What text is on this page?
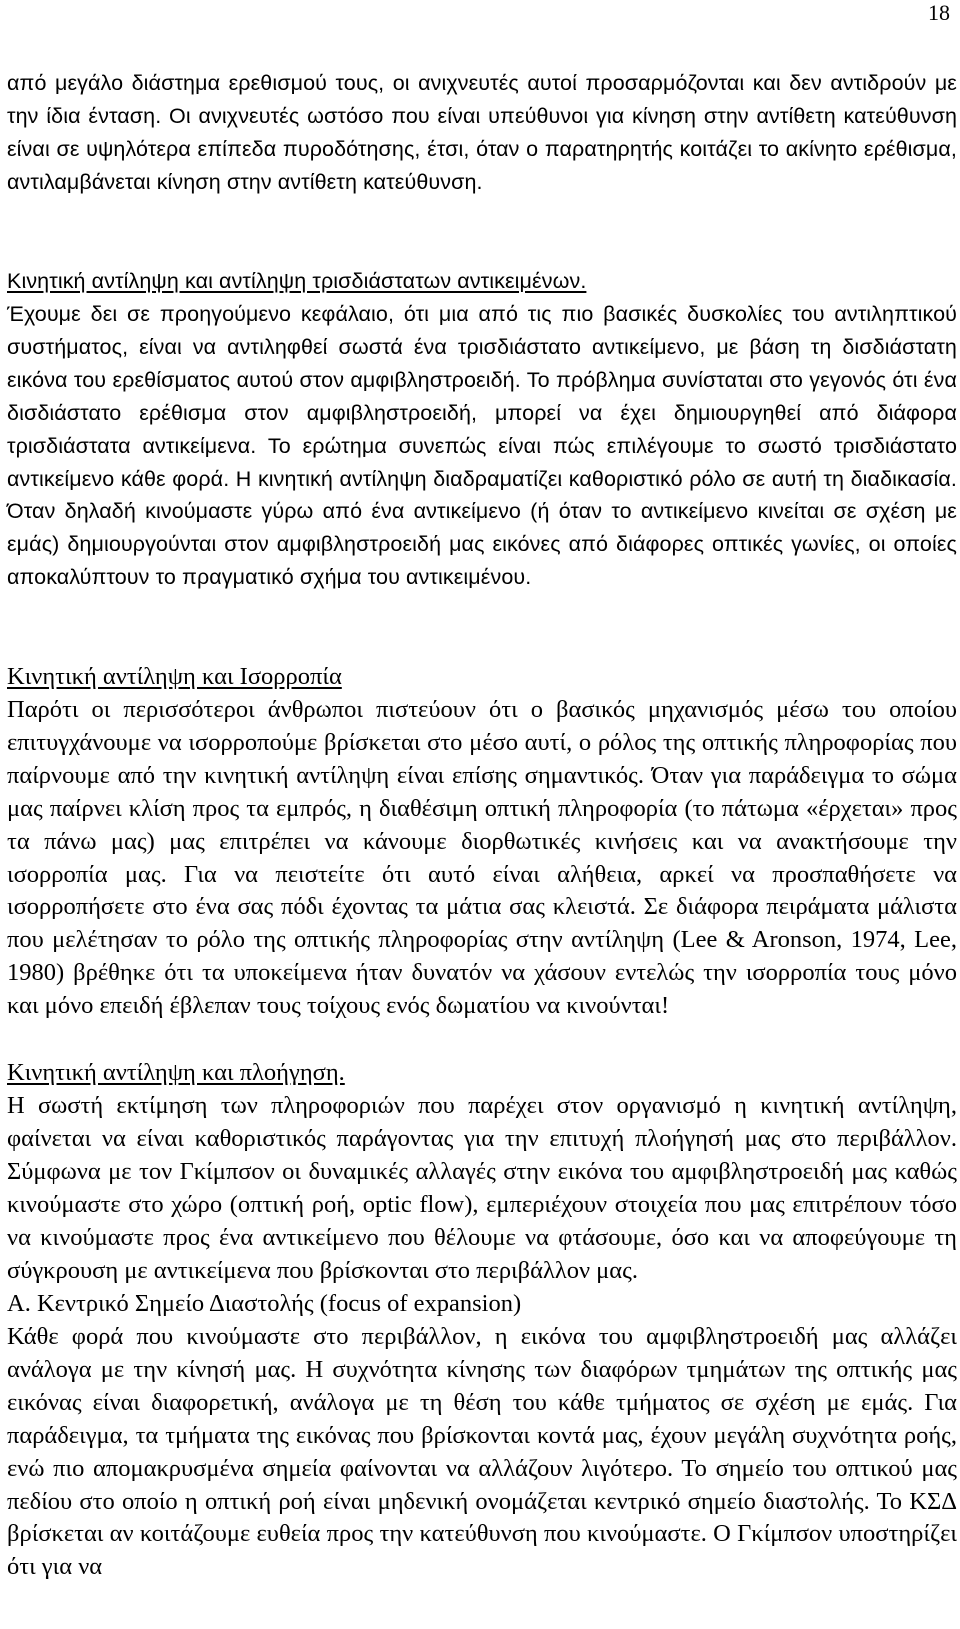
18

από μεγάλο διάστημα ερεθισμού τους, οι ανιχνευτές αυτοί προσαρμόζονται και δεν αντιδρούν με την ίδια ένταση. Οι ανιχνευτές ωστόσο που είναι υπεύθυνοι για κίνηση στην αντίθετη κατεύθυνση είναι σε υψηλότερα επίπεδα πυροδότησης, έτσι, όταν ο παρατηρητής κοιτάζει το ακίνητο ερέθισμα, αντιλαμβάνεται κίνηση στην αντίθετη κατεύθυνση.

Κινητική αντίληψη και αντίληψη τρισδιάστατων αντικειμένων.

Έχουμε δει σε προηγούμενο κεφάλαιο, ότι μια από τις πιο βασικές δυσκολίες του αντιληπτικού συστήματος, είναι να αντιληφθεί σωστά ένα τρισδιάστατο αντικείμενο, με βάση τη δισδιάστατη εικόνα του ερεθίσματος αυτού στον αμφιβληστροειδή. Το πρόβλημα συνίσταται στο γεγονός ότι ένα δισδιάστατο ερέθισμα στον αμφιβληστροειδή, μπορεί να έχει δημιουργηθεί από διάφορα τρισδιάστατα αντικείμενα. Το ερώτημα συνεπώς είναι πώς επιλέγουμε το σωστό τρισδιάστατο αντικείμενο κάθε φορά. Η κινητική αντίληψη διαδραματίζει καθοριστικό ρόλο σε αυτή τη διαδικασία. Όταν δηλαδή κινούμαστε γύρω από ένα αντικείμενο (ή όταν το αντικείμενο κινείται σε σχέση με εμάς) δημιουργούνται στον αμφιβληστροειδή μας εικόνες από διάφορες οπτικές γωνίες, οι οποίες αποκαλύπτουν το πραγματικό σχήμα του αντικειμένου.

Κινητική αντίληψη και Ισορροπία

Παρότι οι περισσότεροι άνθρωποι πιστεύουν ότι ο βασικός μηχανισμός μέσω του οποίου επιτυγχάνουμε να ισορροπούμε βρίσκεται στο μέσο αυτί, ο ρόλος της οπτικής πληροφορίας που παίρνουμε από την κινητική αντίληψη είναι επίσης σημαντικός. Όταν για παράδειγμα το σώμα μας παίρνει κλίση προς τα εμπρός, η διαθέσιμη οπτική πληροφορία (το πάτωμα «έρχεται» προς τα πάνω μας) μας επιτρέπει να κάνουμε διορθωτικές κινήσεις και να ανακτήσουμε την ισορροπία μας. Για να πειστείτε ότι αυτό είναι αλήθεια, αρκεί να προσπαθήσετε να ισορροπήσετε στο ένα σας πόδι έχοντας τα μάτια σας κλειστά. Σε διάφορα πειράματα μάλιστα που μελέτησαν το ρόλο της οπτικής πληροφορίας στην αντίληψη (Lee & Aronson, 1974, Lee, 1980) βρέθηκε ότι τα υποκείμενα ήταν δυνατόν να χάσουν εντελώς την ισορροπία τους μόνο και μόνο επειδή έβλεπαν τους τοίχους ενός δωματίου να κινούνται!

Κινητική αντίληψη και πλοήγηση.

Η σωστή εκτίμηση των πληροφοριών που παρέχει στον οργανισμό η κινητική αντίληψη, φαίνεται να είναι καθοριστικός παράγοντας για την επιτυχή πλοήγησή μας στο περιβάλλον. Σύμφωνα με τον Γκίμπσον οι δυναμικές αλλαγές στην εικόνα του αμφιβληστροειδή μας καθώς κινούμαστε στο χώρο (οπτική ροή, optic flow), εμπεριέχουν στοιχεία που μας επιτρέπουν τόσο να κινούμαστε προς ένα αντικείμενο που θέλουμε να φτάσουμε, όσο και να αποφεύγουμε τη σύγκρουση με αντικείμενα που βρίσκονται στο περιβάλλον μας.

Α. Κεντρικό Σημείο Διαστολής (focus of expansion)

Κάθε φορά που κινούμαστε στο περιβάλλον, η εικόνα του αμφιβληστροειδή μας αλλάζει ανάλογα με την κίνησή μας. Η συχνότητα κίνησης των διαφόρων τμημάτων της οπτικής μας εικόνας είναι διαφορετική, ανάλογα με τη θέση του κάθε τμήματος σε σχέση με εμάς. Για παράδειγμα, τα τμήματα της εικόνας που βρίσκονται κοντά μας, έχουν μεγάλη συχνότητα ροής, ενώ πιο απομακρυσμένα σημεία φαίνονται να αλλάζουν λιγότερο. Το σημείο του οπτικού μας πεδίου στο οποίο η οπτική ροή είναι μηδενική ονομάζεται κεντρικό σημείο διαστολής. Το ΚΣΔ βρίσκεται αν κοιτάζουμε ευθεία προς την κατεύθυνση που κινούμαστε. Ο Γκίμπσον υποστηρίζει ότι για να
